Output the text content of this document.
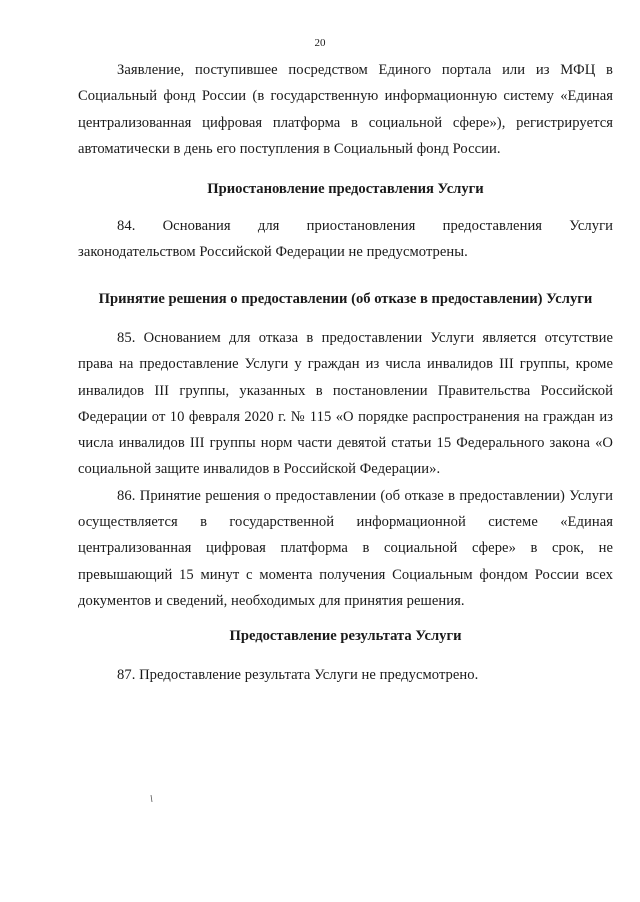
20

Заявление, поступившее посредством Единого портала или из МФЦ в Социальный фонд России (в государственную информационную систему «Единая централизованная цифровая платформа в социальной сфере»), регистрируется автоматически в день его поступления в Социальный фонд России.

Приостановление предоставления Услуги

84. Основания для приостановления предоставления Услуги законодательством Российской Федерации не предусмотрены.

Принятие решения о предоставлении (об отказе в предоставлении) Услуги

85. Основанием для отказа в предоставлении Услуги является отсутствие права на предоставление Услуги у граждан из числа инвалидов III группы, кроме инвалидов III группы, указанных в постановлении Правительства Российской Федерации от 10 февраля 2020 г. № 115 «О порядке распространения на граждан из числа инвалидов III группы норм части девятой статьи 15 Федерального закона «О социальной защите инвалидов в Российской Федерации».

86. Принятие решения о предоставлении (об отказе в предоставлении) Услуги осуществляется в государственной информационной системе «Единая централизованная цифровая платформа в социальной сфере» в срок, не превышающий 15 минут с момента получения Социальным фондом России всех документов и сведений, необходимых для принятия решения.

Предоставление результата Услуги

87. Предоставление результата Услуги не предусмотрено.
